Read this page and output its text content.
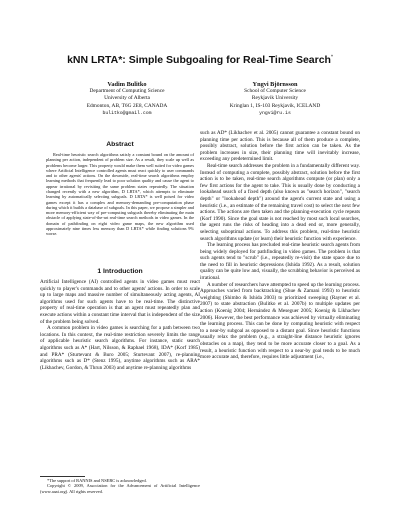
kNN LRTA*: Simple Subgoaling for Real-Time Search*
Vadim Bulitko
Department of Computing Science
University of Alberta
Edmonton, AB, T6G 2E8, CANADA
bulitko@gmail.com
Yngvi Björnsson
School of Computer Science
Reykjavik University
Kringlan 1, IS-103 Reykjavik, ICELAND
yngvi@ru.is
Abstract

Real-time heuristic search algorithms satisfy a constant bound on the amount of planning per action, independent of problem size. As a result, they scale up well as problems become larger. This property would make them well suited for video games where Artificial Intelligence controlled agents must react quickly to user commands and to other agents' actions. On the downside, real-time search algorithms employ learning methods that frequently lead to poor solution quality and cause the agent to appear irrational by revisiting the same problem states repeatedly. The situation changed recently with a new algorithm, D LRTA*, which attempts to eliminate learning by automatically selecting subgoals. D LRTA* is well poised for video games except it has a complex and memory-demanding pre-computation phase during which it builds a database of subgoals. In this paper, we propose a simpler and more memory-efficient way of pre-computing subgoals thereby eliminating the main obstacle of applying state-of-the-art real-time search methods in video games. In the domain of pathfinding on eight video game maps, the new algorithm used approximately nine times less memory than D LRTA* while finding solutions 9% worse.

1 Introduction

Artificial Intelligence (AI) controlled agents in video games must react quickly to player's commands and to other agents' actions. In order to scale up to large maps and massive number of simultaneously acting agents, AI algorithms used for such agents have to be real-time. The distinctive property of real-time operation is that an agent must repeatedly plan and execute actions within a constant time interval that is independent of the size of the problem being solved.

A common problem in video games is searching for a path between two locations. In this context, the real-time restriction severely limits the range of applicable heuristic search algorithms. For instance, static search algorithms such as A* (Hart, Nilsson, & Raphael 1968), IDA* (Korf 1985) and PRA* (Sturtevant & Buro 2005; Sturtevant 2007), re-planning algorithms such as D* (Stenz 1995), anytime algorithms such as ARA* (Likhachev, Gordon, & Thrun 2003) and anytime re-planning algorithms

*The support of RANNIS and NSERC is acknowledged.

Copyright © 2009, Association for the Advancement of Artificial Intelligence (www.aaai.org). All rights reserved.

such as AD* (Likhachev et al. 2005) cannot guarantee a constant bound on planning time per action. This is because all of them produce a complete, possibly abstract, solution before the first action can be taken. As the problem increases in size, their planning time will inevitably increase, exceeding any predetermined limit.

Real-time search addresses the problem in a fundamentally different way. Instead of computing a complete, possibly abstract, solution before the first action is to be taken, real-time search algorithms compute (or plan) only a few first actions for the agent to take. This is usually done by conducting a lookahead search of a fixed depth (also known as "search horizon", "search depth" or "lookahead depth") around the agent's current state and using a heuristic (i.e., an estimate of the remaining travel cost) to select the next few actions. The actions are then taken and the planning-execution cycle repeats (Korf 1990). Since the goal state is not reached by most such local searches, the agent runs the risks of heading into a dead end or, more generally, selecting suboptimal actions. To address this problem, real-time heuristic search algorithms update (or learn) their heuristic function with experience.

The learning process has precluded real-time heuristic search agents from being widely deployed for pathfinding in video games. The problem is that such agents tend to "scrub" (i.e., repeatedly re-visit) the state space due to the need to fill in heuristic depressions (Ishida 1992). As a result, solution quality can be quite low and, visually, the scrubbing behavior is perceived as irrational.

A number of researchers have attempted to speed up the learning process. Approaches varied from backtracking (Shue & Zamani 1993) to heuristic weighting (Shimbo & Ishida 2003) to prioritized sweeping (Rayner et al. 2007) to state abstraction (Bulitko et al. 2007b) to multiple updates per action (Koenig 2004; Hernández & Meseguer 2005; Koenig & Likhachev 2006). However, the best performance was achieved by virtually eliminating the learning process. This can be done by computing heuristic with respect to a near-by subgoal as opposed to a distant goal. Since heuristic functions usually relax the problem (e.g., a straight-line distance heuristic ignores obstacles on a map), they tend to be more accurate closer to a goal. As a result, a heuristic function with respect to a near-by goal tends to be much more accurate and, therefore, requires little adjustment (i.e.,
